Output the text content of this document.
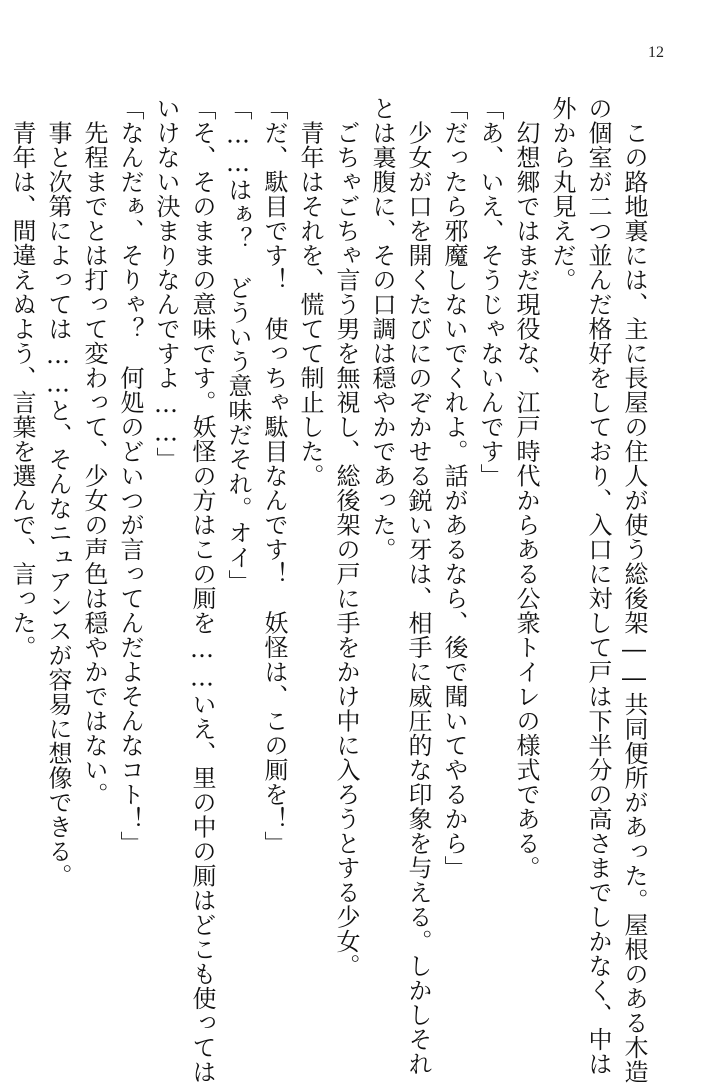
12
　この路地裏には、主に長屋の住人が使う総後架――共同便所があった。屋根のある木造
の個室が二つ並んだ格好をしており、入口に対して戸は下半分の高さまでしかなく、中は
外から丸見えだ。
　幻想郷ではまだ現役な、江戸時代からある公衆トイレの様式である。
「あ、いえ、そうじゃないんです」
「だったら邪魔しないでくれよ。話があるなら、後で聞いてやるから」
　少女が口を開くたびにのぞかせる鋭い牙は、相手に威圧的な印象を与える。しかしそれ
とは裏腹に、その口調は穏やかであった。
　ごちゃごちゃ言う男を無視し、総後架の戸に手をかけ中に入ろうとする少女。
　青年はそれを、慌てて制止した。
「だ、駄目です！　使っちゃ駄目なんです！　妖怪は、この厠を！」
「……はぁ？　どういう意味だそれ。オイ」
「そ、そのままの意味です。妖怪の方はこの厠を……いえ、里の中の厠はどこも使っては
いけない決まりなんですよ……」
「なんだぁ、そりゃ？　何処のどいつが言ってんだよそんなコト！」
　先程までとは打って変わって、少女の声色は穏やかではない。
　事と次第によっては……と、そんなニュアンスが容易に想像できる。
　青年は、間違えぬよう、言葉を選んで、言った。
